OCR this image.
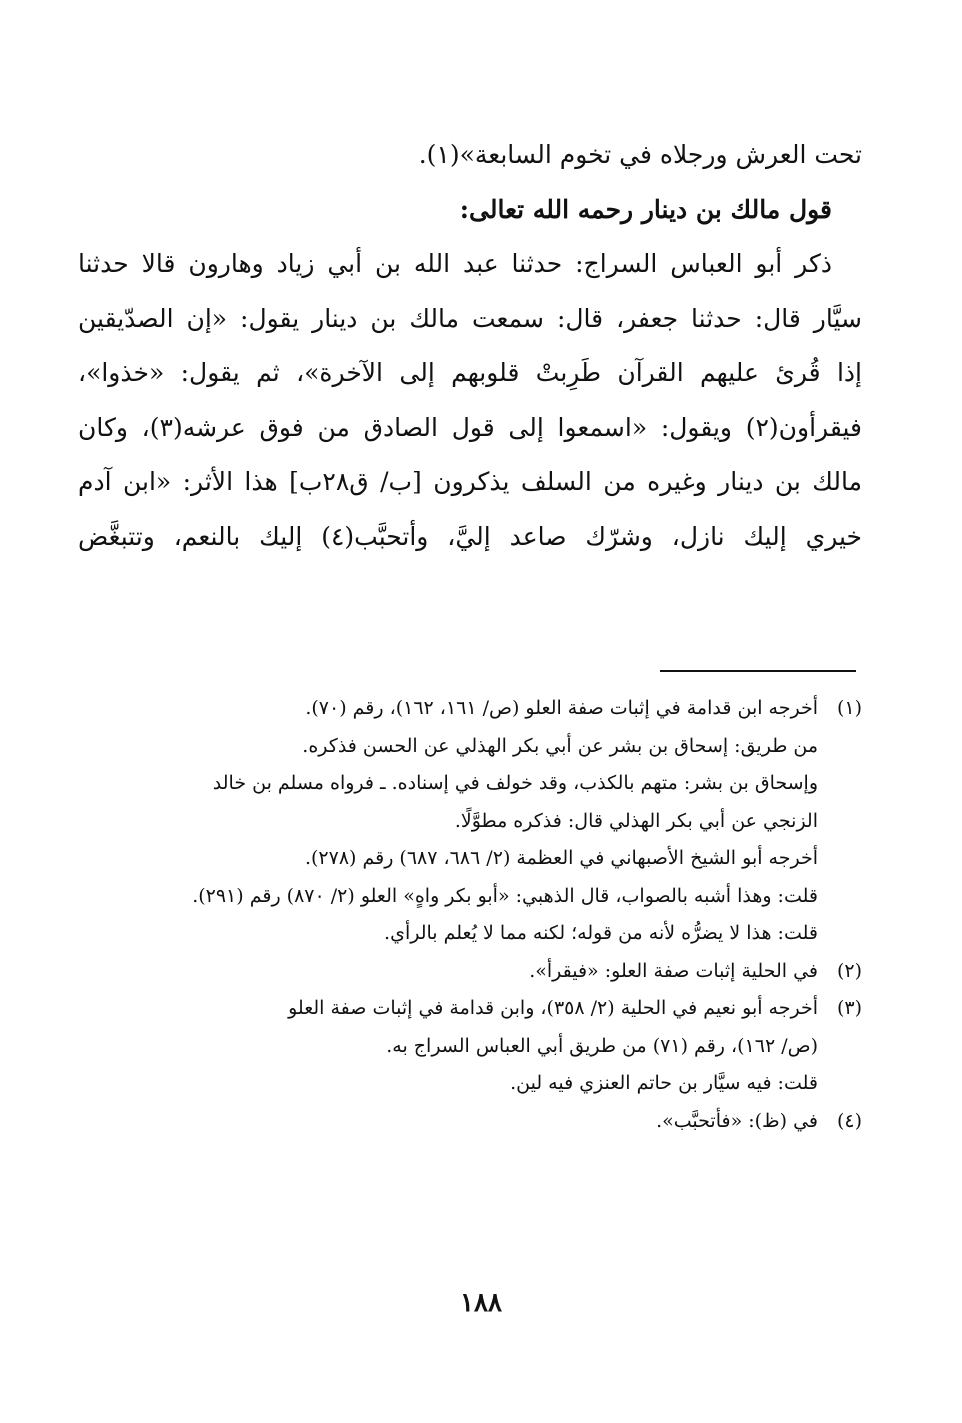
تحت العرش ورجلاه في تخوم السابعة»(١).
قول مالك بن دينار رحمه الله تعالى:
ذكر أبو العباس السراج: حدثنا عبد الله بن أبي زياد وهارون قالا حدثنا
سيَّار قال: حدثنا جعفر، قال: سمعت مالك بن دينار يقول: «إن الصدّيقين
إذا قُرئ عليهم القرآن طَرِبتْ قلوبهم إلى الآخرة»، ثم يقول: «خذوا»،
فيقرأون(٢) ويقول: «اسمعوا إلى قول الصادق من فوق عرشه(٣)، وكان
مالك بن دينار وغيره من السلف يذكرون [ب/ ق٢٨ب] هذا الأثر: «ابن آدم
خيري إليك نازل، وشرّك صاعد إليَّ، وأتحبَّب(٤) إليك بالنعم، وتتبغَّض
(١)
أخرجه ابن قدامة في إثبات صفة العلو (ص/ ١٦١، ١٦٢)، رقم (٧٠).
من طريق: إسحاق بن بشر عن أبي بكر الهذلي عن الحسن فذكره.
وإسحاق بن بشر: متهم بالكذب، وقد خولف في إسناده. ـ فرواه مسلم بن خالد
الزنجي عن أبي بكر الهذلي قال: فذكره مطوَّلًا.
أخرجه أبو الشيخ الأصبهاني في العظمة (٢/ ٦٨٦، ٦٨٧) رقم (٢٧٨).
قلت: وهذا أشبه بالصواب، قال الذهبي: «أبو بكر واهٍ» العلو (٢/ ٨٧٠) رقم (٢٩١).
قلت: هذا لا يضرُّه لأنه من قوله؛ لكنه مما لا يُعلم بالرأي.
(٢)
في الحلية إثبات صفة العلو: «فيقرأ».
(٣)
أخرجه أبو نعيم في الحلية (٢/ ٣٥٨)، وابن قدامة في إثبات صفة العلو
(ص/ ١٦٢)، رقم (٧١) من طريق أبي العباس السراج به.
قلت: فيه سيَّار بن حاتم العنزي فيه لين.
(٤)
في (ظ): «فأتحبَّب».
١٨٨
